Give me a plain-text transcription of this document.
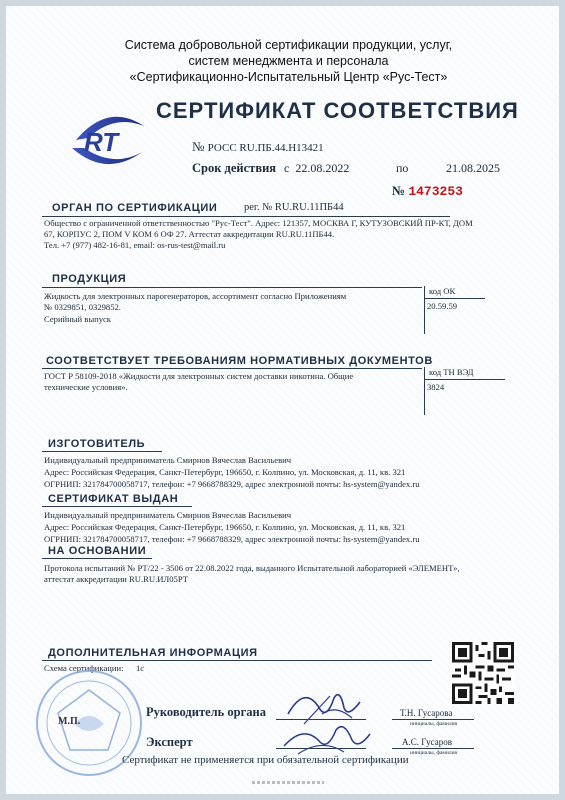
Система добровольной сертификации продукции, услуг,
систем менеджмента и персонала
«Сертификационно-Испытательный Центр «Рус-Тест»
RT
СЕРТИФИКАТ СООТВЕТСТВИЯ
№ РОСС RU.ПБ.44.Н13421
Срок действия с 22.08.2022	по	21.08.2025
№ 1473253
ОРГАН ПО СЕРТИФИКАЦИИ	рег. № RU.RU.11ПБ44
Общество с ограниченной ответственностью "Рус-Тест". Адрес: 121357, МОСКВА Г, КУТУЗОВСКИЙ ПР-КТ, ДОМ
67, КОРПУС 2, ПОМ V КОМ 6 ОФ 27. Аттестат аккредитации RU.RU.11ПБ44.
Тел. +7 (977) 482-16-81, email: os-rus-test@mail.ru
ПРОДУКЦИЯ
Жидкость для электронных парогенераторов, ассортимент согласно Приложениям
№ 0329851, 0329852.
Серийный выпуск
код ОК
20.59.59
СООТВЕТСТВУЕТ ТРЕБОВАНИЯМ НОРМАТИВНЫХ ДОКУМЕНТОВ
ГОСТ Р 58109-2018 «Жидкости для электронных систем доставки никотина. Общие
технические условия».
код ТН ВЭД
3824
ИЗГОТОВИТЕЛЬ
Индивидуальный предприниматель Смирнов Вячеслав Васильевич
Адрес: Российская Федерация, Санкт-Петербург, 196650, г. Колпино, ул. Московская, д. 11, кв. 321
ОГРНИП: 321784700058717, телефон: +7 9668788329, адрес электронной почты: hs-system@yandex.ru
СЕРТИФИКАТ ВЫДАН
Индивидуальный предприниматель Смирнов Вячеслав Васильевич
Адрес: Российская Федерация, Санкт-Петербург, 196650, г. Колпино, ул. Московская, д. 11, кв. 321
ОГРНИП: 321784700058717, телефон: +7 9668788329, адрес электронной почты: hs-system@yandex.ru
НА ОСНОВАНИИ
Протокола испытаний № РТ/22 - 3506 от 22.08.2022 года, выданного Испытательной лабораторией «ЭЛЕМЕНТ»,
аттестат аккредитации RU.RU.ИЛ05РТ
ДОПОЛНИТЕЛЬНАЯ ИНФОРМАЦИЯ
Схема сертификации: 1с
М.П.
Руководитель органа	Т.Н. Гусарова
инициалы, фамилия
Эксперт	А.С. Гусаров
инициалы, фамилия
Сертификат не применяется при обязательной сертификации
